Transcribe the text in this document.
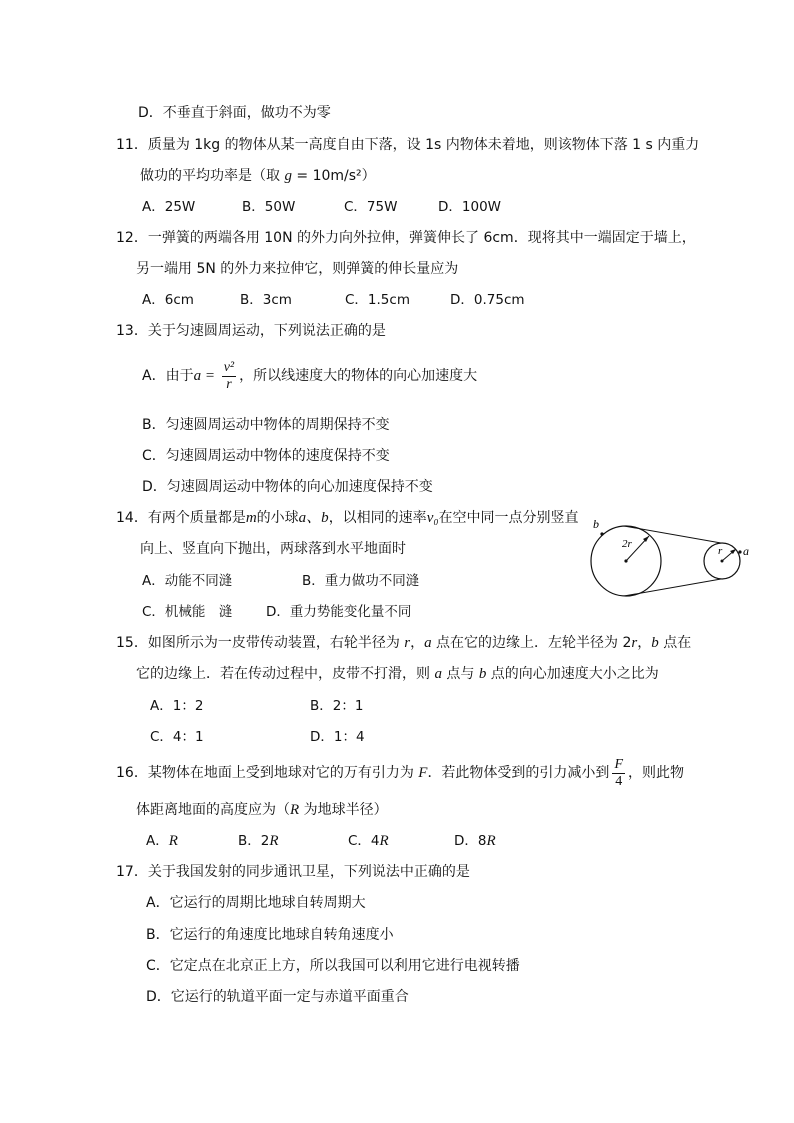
D．不垂直于斜面，做功不为零
11．质量为 1kg 的物体从某一高度自由下落，设 1s 内物体未着地，则该物体下落 1 s 内重力
做功的平均功率是（取 g = 10m/s²）
A．25W	B．50W	C．75W	D．100W
12．一弹簧的两端各用 10N 的外力向外拉伸，弹簧伸长了 6cm．现将其中一端固定于墙上，
另一端用 5N 的外力来拉伸它，则弹簧的伸长量应为
A．6cm	B．3cm	C．1.5cm	D．0.75cm
13．关于匀速圆周运动，下列说法正确的是
A．由于$a = \frac{\text{v²}}{r}$ ，所以线速度大的物体的向心加速度大
B．匀速圆周运动中物体的周期保持不变
C．匀速圆周运动中物体的速度保持不变
D．匀速圆周运动中物体的向心加速度保持不变
14．有两个质量都是m的小球a、b，以相同的速率v₀在空中同一点分别竖直
向上、竖直向下抛出，两球落到水平地面时
A．动能不同漨	B．重力做功不同漨
C．机械能　漨 D．重力势能变化量不同
b
2r
r a
15．如图所示为一皮带传动装置，右轮半径为 r，a 点在它的边缘上．左轮半径为 2r，b 点在
它的边缘上．若在传动过程中，皮带不打滑，则 a 点与 b 点的向心加速度大小之比为
A．1：2	B．2：1
C．4：1	D．1：4
16．某物体在地面上受到地球对它的万有引力为 F．若此物体受到的引力减小到 $\frac{F}{4}$ ，则此物
体距离地面的高度应为（R 为地球半径）
A．R	B．2R	C．4R	D．8R
17．关于我国发射的同步通讯卫星，下列说法中正确的是
A．它运行的周期比地球自转周期大
B．它运行的角速度比地球自转角速度小
C．它定点在北京正上方，所以我国可以利用它进行电视转播
D．它运行的轨道平面一定与赤道平面重合
